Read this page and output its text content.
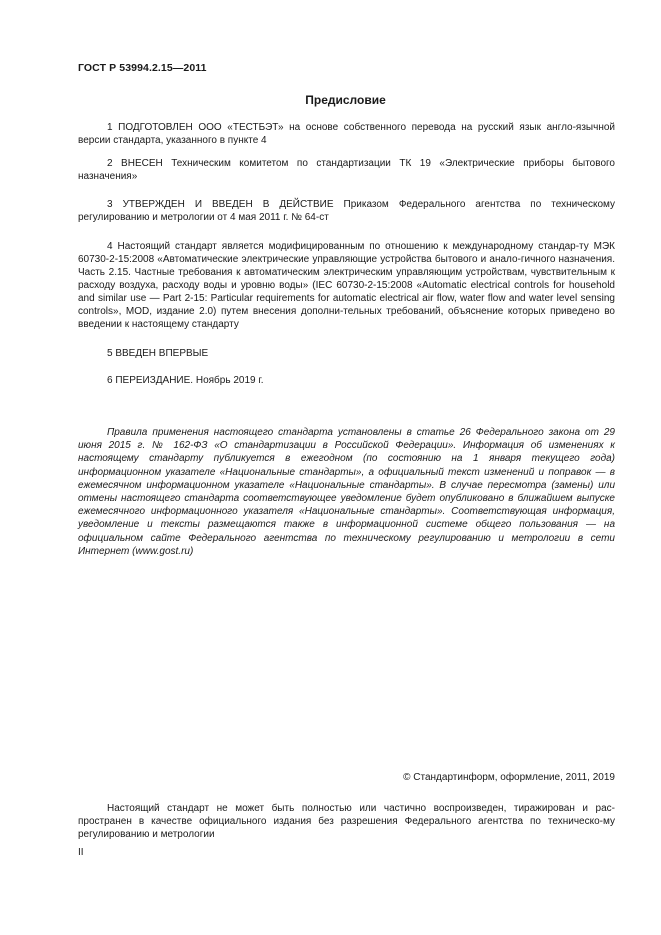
ГОСТ Р 53994.2.15—2011
Предисловие

1 ПОДГОТОВЛЕН ООО «ТЕСТБЭТ» на основе собственного перевода на русский язык англо-язычной версии стандарта, указанного в пункте 4

2 ВНЕСЕН Техническим комитетом по стандартизации ТК 19 «Электрические приборы бытового назначения»

3 УТВЕРЖДЕН И ВВЕДЕН В ДЕЙСТВИЕ Приказом Федерального агентства по техническому регулированию и метрологии от 4 мая 2011 г. № 64-ст

4 Настоящий стандарт является модифицированным по отношению к международному стандар-ту МЭК 60730-2-15:2008 «Автоматические электрические управляющие устройства бытового и анало-гичного назначения. Часть 2.15. Частные требования к автоматическим электрическим управляющим устройствам, чувствительным к расходу воздуха, расходу воды и уровню воды» (IEC 60730-2-15:2008 «Automatic electrical controls for household and similar use — Part 2-15: Particular requirements for automatic electrical air flow, water flow and water level sensing controls», MOD, издание 2.0) путем внесения дополни-тельных требований, объяснение которых приведено во введении к настоящему стандарту

5 ВВЕДЕН ВПЕРВЫЕ

6 ПЕРЕИЗДАНИЕ. Ноябрь 2019 г.

Правила применения настоящего стандарта установлены в статье 26 Федерального закона от 29 июня 2015 г. № 162-ФЗ «О стандартизации в Российской Федерации». Информация об изменениях к настоящему стандарту публикуется в ежегодном (по состоянию на 1 января текущего года) информационном указателе «Национальные стандарты», а официальный текст изменений и поправок — в ежемесячном информационном указателе «Национальные стандарты». В случае пересмотра (замены) или отмены настоящего стандарта соответствующее уведомление будет опубликовано в ближайшем выпуске ежемесячного информационного указателя «Национальные стандарты». Соответствующая информация, уведомление и тексты размещаются также в информационной системе общего пользования — на официальном сайте Федерального агентства по техническому регулированию и метрологии в сети Интернет (www.gost.ru)

© Стандартинформ, оформление, 2011, 2019

Настоящий стандарт не может быть полностью или частично воспроизведен, тиражирован и рас-пространен в качестве официального издания без разрешения Федерального агентства по техническо-му регулированию и метрологии

II
